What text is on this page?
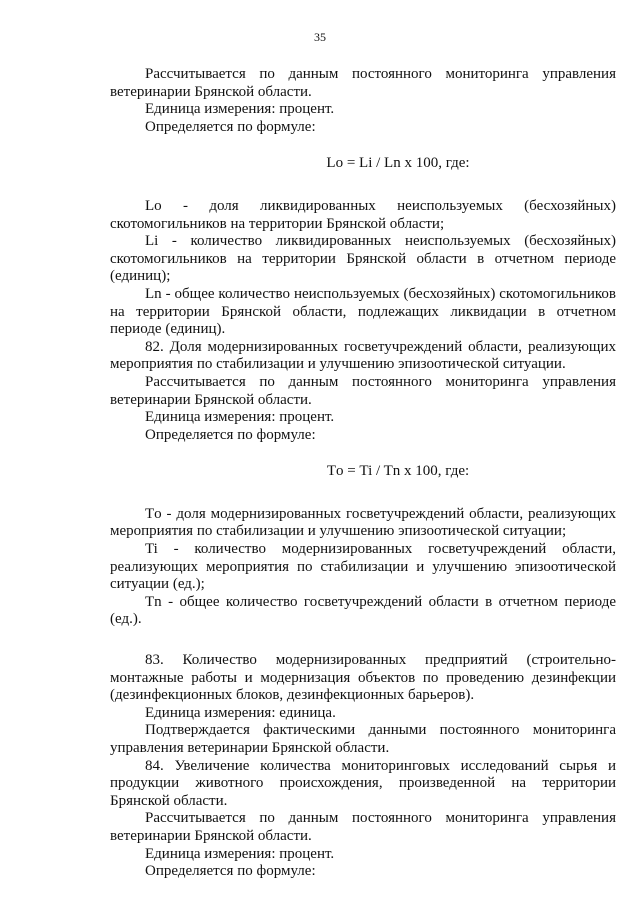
35

Рассчитывается по данным постоянного мониторинга управления ветеринарии Брянской области.

Единица измерения: процент.

Определяется по формуле:

Lо = Li / Ln x 100, где:

Lо - доля ликвидированных неиспользуемых (бесхозяйных) скотомогильников на территории Брянской области;

Li - количество ликвидированных неиспользуемых (бесхозяйных) скотомогильников на территории Брянской области в отчетном периоде (единиц);

Ln - общее количество неиспользуемых (бесхозяйных) скотомогильников на территории Брянской области, подлежащих ликвидации в отчетном периоде (единиц).

82. Доля модернизированных госветучреждений области, реализующих мероприятия по стабилизации и улучшению эпизоотической ситуации.

Рассчитывается по данным постоянного мониторинга управления ветеринарии Брянской области.

Единица измерения: процент.

Определяется по формуле:

Tо = Ti / Tn x 100, где:

Tо - доля модернизированных госветучреждений области, реализующих мероприятия по стабилизации и улучшению эпизоотической ситуации;

Ti - количество модернизированных госветучреждений области, реализующих мероприятия по стабилизации и улучшению эпизоотической ситуации (ед.);

Tn - общее количество госветучреждений области в отчетном периоде (ед.).

83. Количество модернизированных предприятий (строительно-монтажные работы и модернизация объектов по проведению дезинфекции (дезинфекционных блоков, дезинфекционных барьеров).

Единица измерения: единица.

Подтверждается фактическими данными постоянного мониторинга управления ветеринарии Брянской области.

84. Увеличение количества мониторинговых исследований сырья и продукции животного происхождения, произведенной на территории Брянской области.

Рассчитывается по данным постоянного мониторинга управления ветеринарии Брянской области.

Единица измерения: процент.

Определяется по формуле:
